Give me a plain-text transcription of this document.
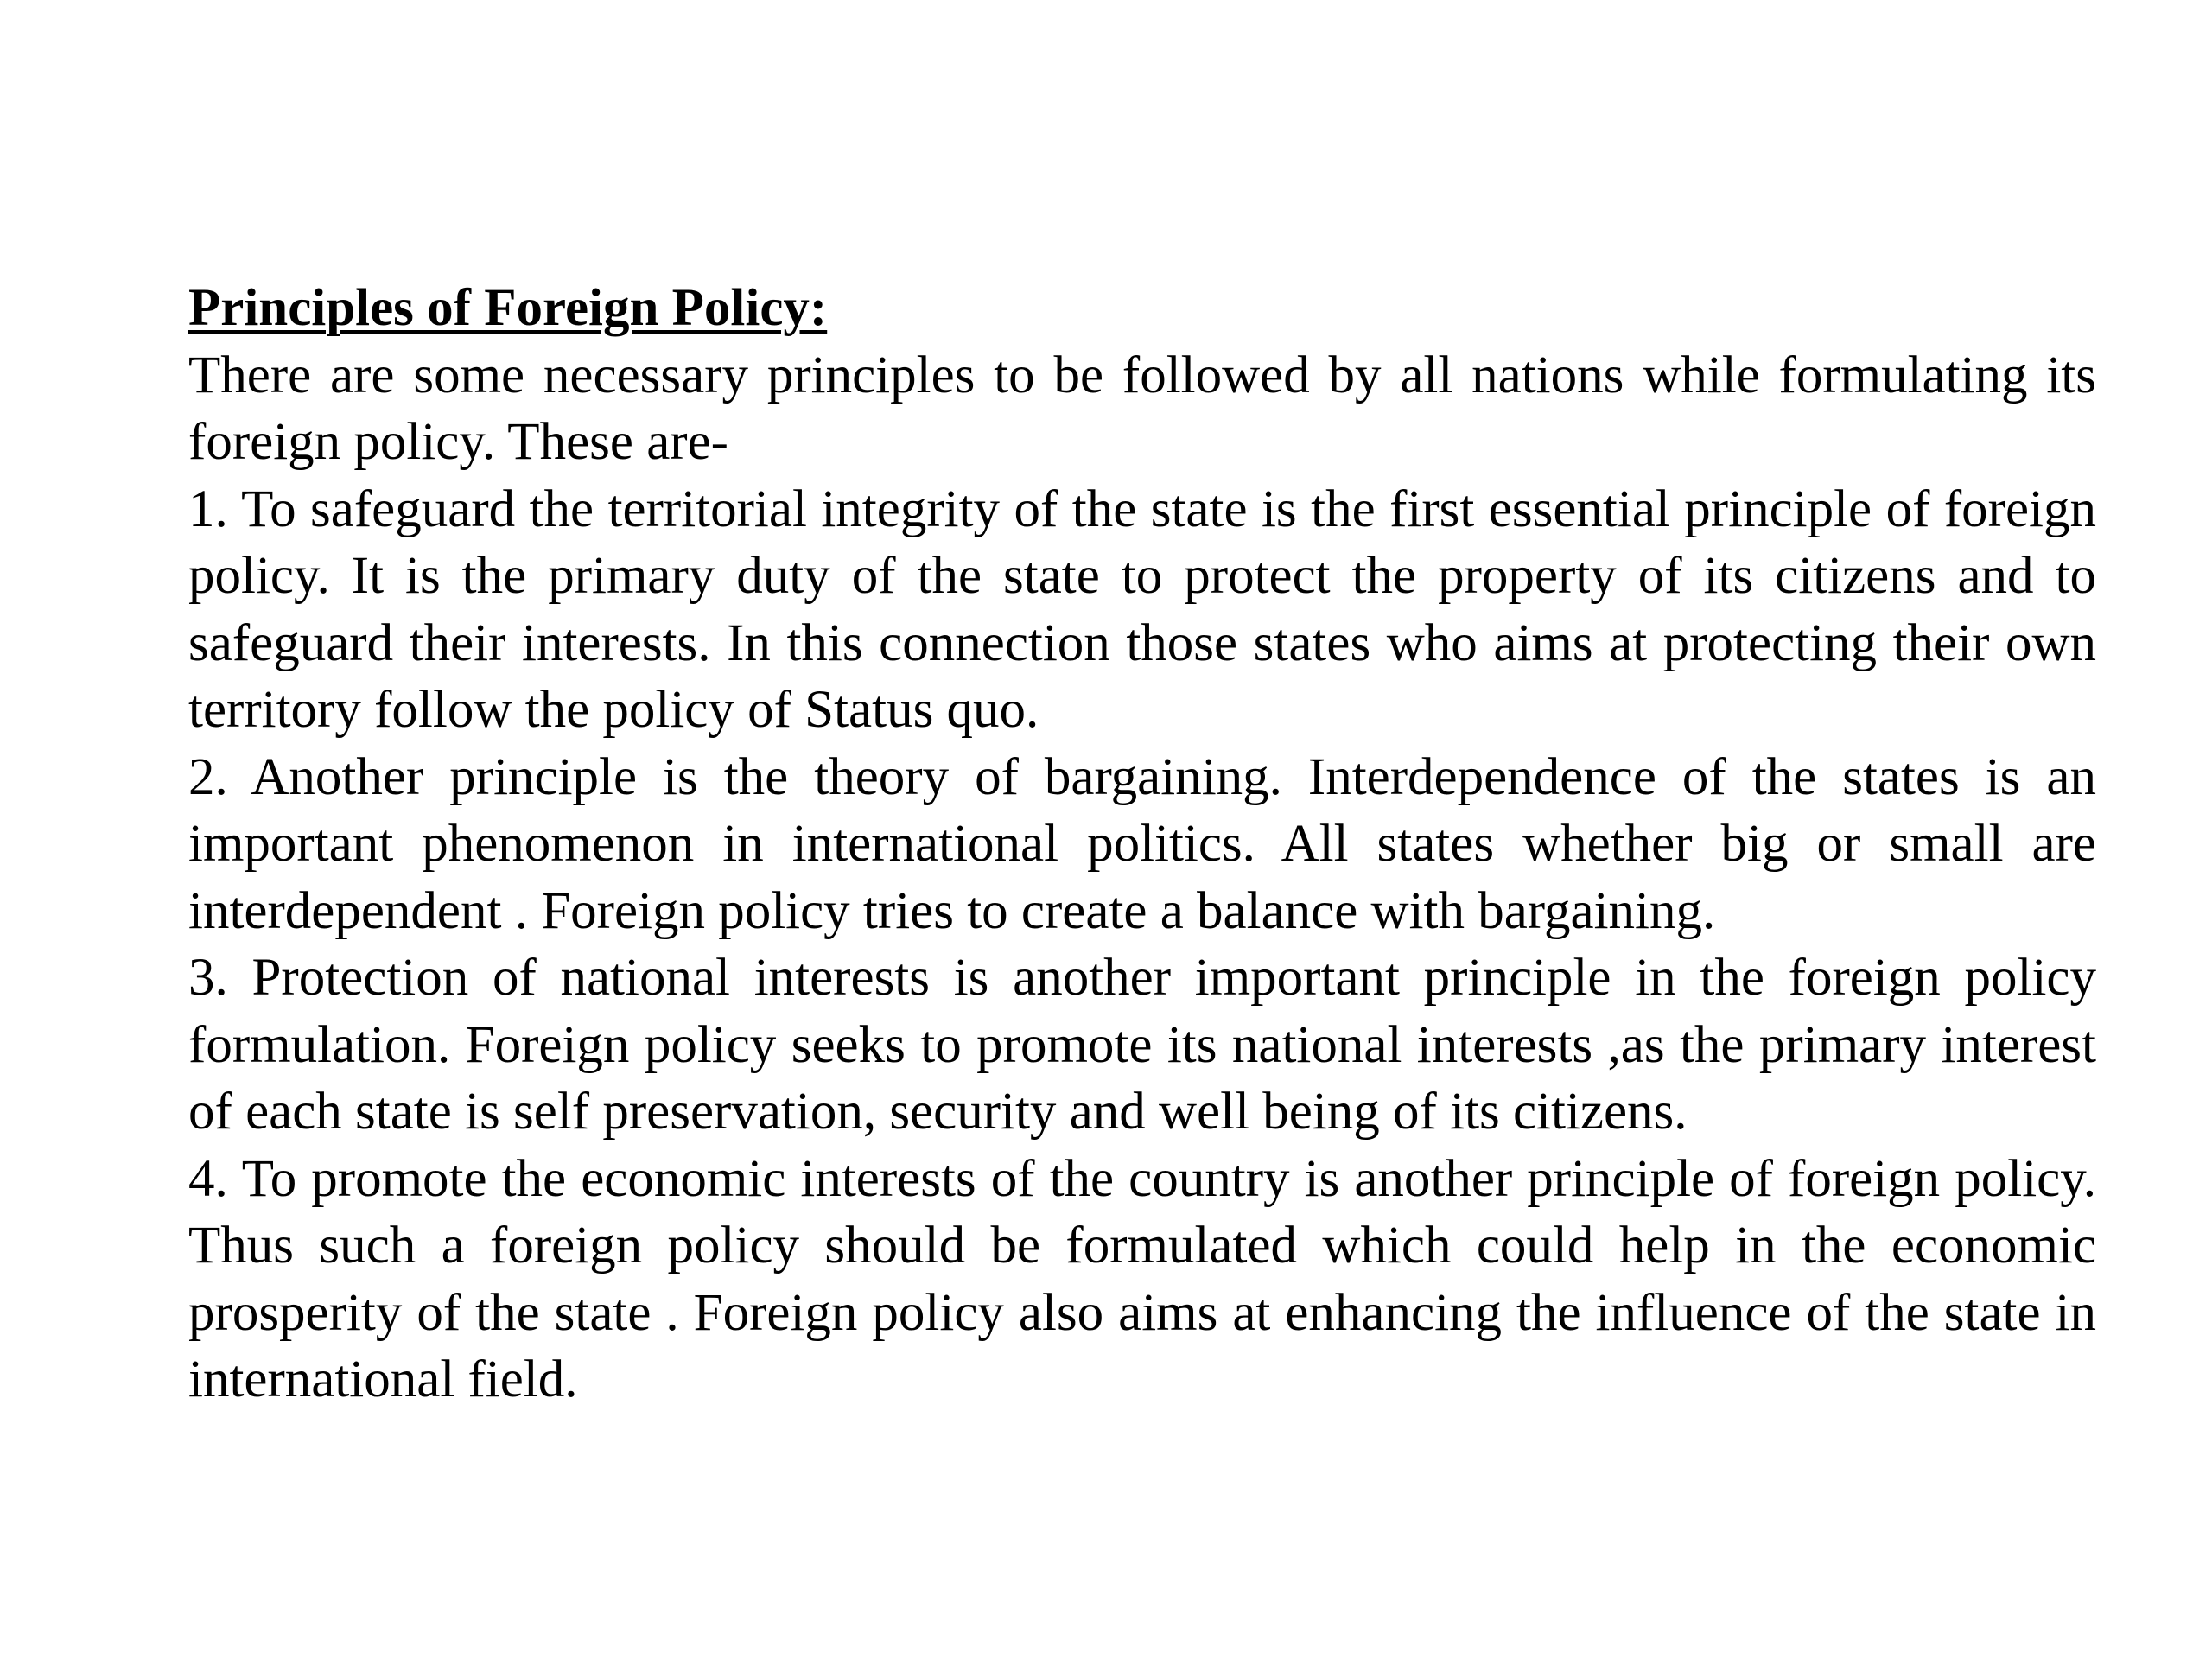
Principles of Foreign Policy:

There are some necessary principles to be followed by all nations while formulating its foreign policy. These are-

1. To safeguard the territorial integrity of the state is the first essential principle of foreign policy. It is the primary duty of the state to protect the property of its citizens and to safeguard their interests. In this connection those states who aims at protecting their own territory follow the policy of Status quo.

2. Another principle is the theory of bargaining. Interdependence of the states is an important phenomenon in international politics. All states whether big or small are interdependent . Foreign policy tries to create a balance with bargaining.

3. Protection of national interests is another important principle in the foreign policy formulation. Foreign policy seeks to promote its national interests ,as the primary interest of each state is self preservation, security and well being of its citizens.

4. To promote the economic interests of the country is another principle of foreign policy. Thus such a foreign policy should be formulated which could help in the economic prosperity of the state . Foreign policy also aims at enhancing the influence of the state in international field.
